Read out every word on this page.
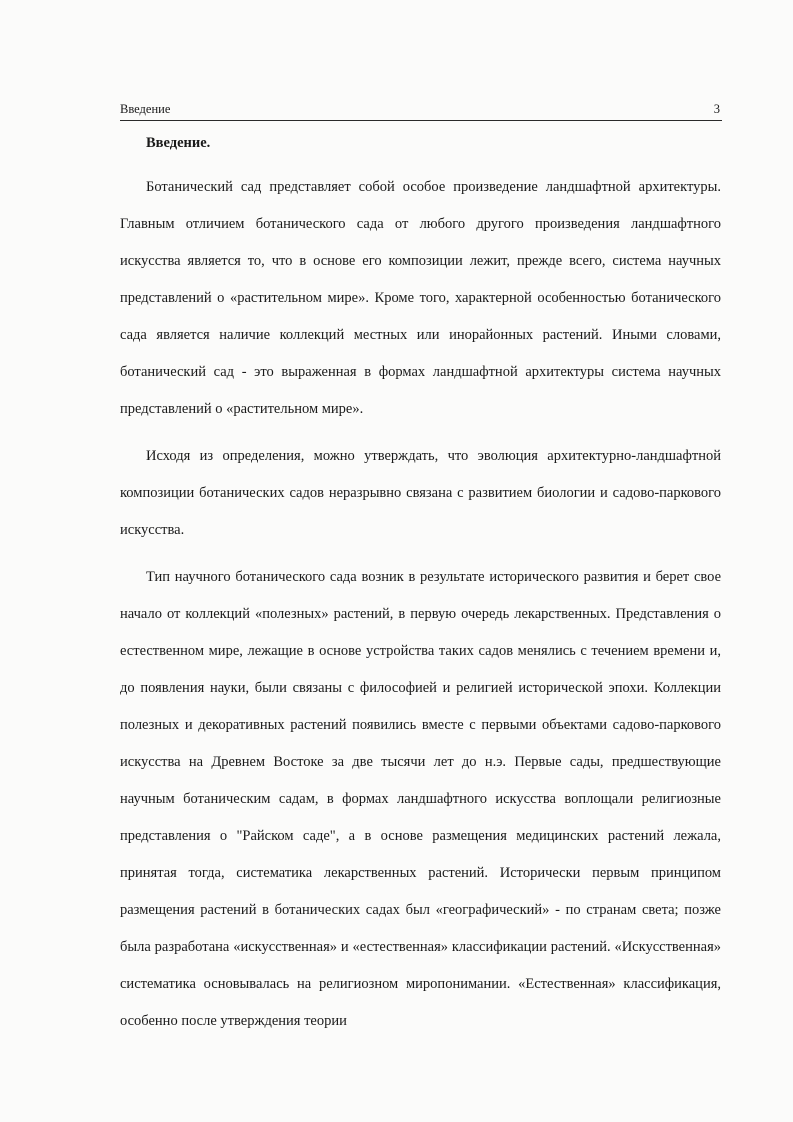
Введение	3

Введение.

Ботанический сад представляет собой особое произведение ландшафтной архитектуры. Главным отличием ботанического сада от любого другого произведения ландшафтного искусства является то, что в основе его композиции лежит, прежде всего, система научных представлений о «растительном мире». Кроме того, характерной особенностью ботанического сада является наличие коллекций местных или инорайонных растений. Иными словами, ботанический сад - это выраженная в формах ландшафтной архитектуры система научных представлений о «растительном мире».

Исходя из определения, можно утверждать, что эволюция архитектурно-ландшафтной композиции ботанических садов неразрывно связана с развитием биологии и садово-паркового искусства.

Тип научного ботанического сада возник в результате исторического развития и берет свое начало от коллекций «полезных» растений, в первую очередь лекарственных. Представления о естественном мире, лежащие в основе устройства таких садов менялись с течением времени и, до появления науки, были связаны с философией и религией исторической эпохи. Коллекции полезных и декоративных растений появились вместе с первыми объектами садово-паркового искусства на Древнем Востоке за две тысячи лет до н.э. Первые сады, предшествующие научным ботаническим садам, в формах ландшафтного искусства воплощали религиозные представления о "Райском саде", а в основе размещения медицинских растений лежала, принятая тогда, систематика лекарственных растений. Исторически первым принципом размещения растений в ботанических садах был «географический» - по странам света; позже была разработана «искусственная» и «естественная» классификации растений. «Искусственная» систематика основывалась на религиозном миропонимании. «Естественная» классификация, особенно после утверждения теории
